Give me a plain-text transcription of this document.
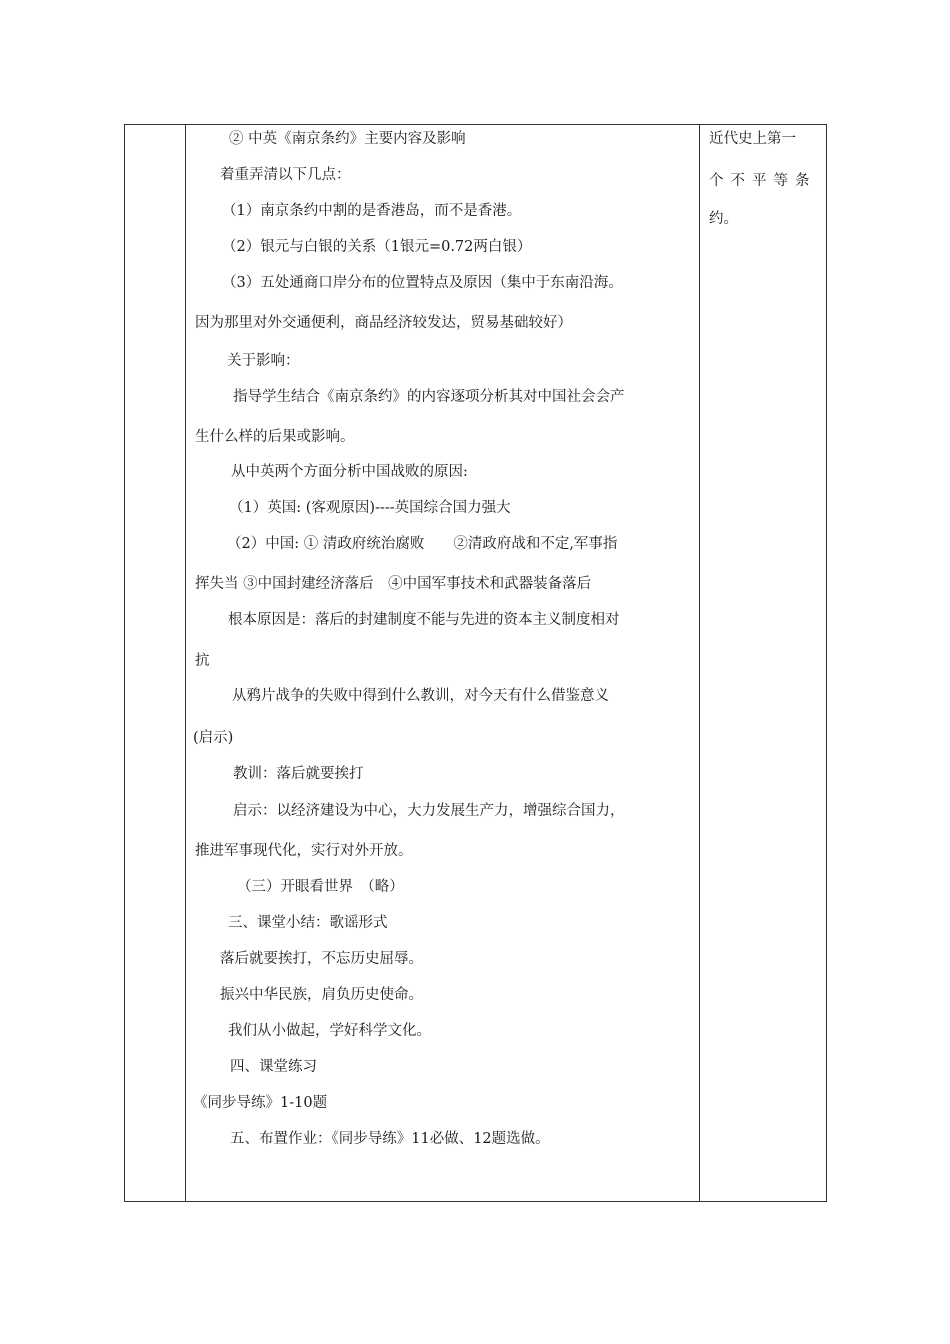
② 中英《南京条约》主要内容及影响
着重弄清以下几点：
（1）南京条约中割的是香港岛，而不是香港。
（2）银元与白银的关系（1银元=0.72两白银）
（3）五处通商口岸分布的位置特点及原因（集中于东南沿海。
因为那里对外交通便利，商品经济较发达，贸易基础较好）
关于影响：
指导学生结合《南京条约》的内容逐项分析其对中国社会会产
生什么样的后果或影响。
从中英两个方面分析中国战败的原因:
（1）英国: (客观原因)----英国综合国力强大
（2）中国: ① 清政府统治腐败　　②清政府战和不定,军事指
挥失当 ③中国封建经济落后　④中国军事技术和武器装备落后
根本原因是：落后的封建制度不能与先进的资本主义制度相对
抗
从鸦片战争的失败中得到什么教训，对今天有什么借鉴意义
(启示)
教训：落后就要挨打
启示：以经济建设为中心，大力发展生产力，增强综合国力，
推进军事现代化，实行对外开放。
（三）开眼看世界　（略）
三、课堂小结：歌谣形式
落后就要挨打，不忘历史屈辱。
振兴中华民族，肩负历史使命。
我们从小做起，学好科学文化。
四、课堂练习
《同步导练》1-10题
五、布置作业：《同步导练》11必做、12题选做。
近代史上第一
个不平等条
约。
